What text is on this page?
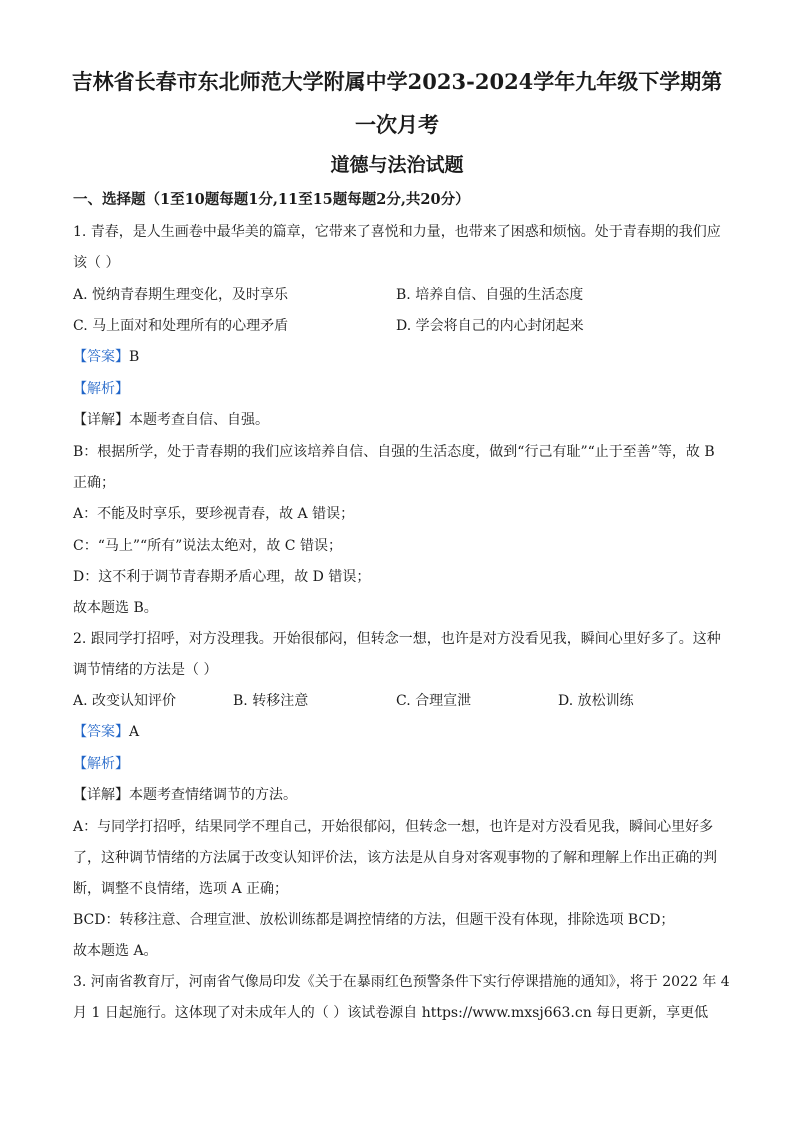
吉林省长春市东北师范大学附属中学2023-2024学年九年级下学期第
一次月考
道德与法治试题
一、选择题（1至10题每题1分,11至15题每题2分,共20分）
1. 青春，是人生画卷中最华美的篇章，它带来了喜悦和力量，也带来了困惑和烦恼。处于青春期的我们应
该（ ）
A. 悦纳青春期生理变化，及时享乐	B. 培养自信、自强的生活态度
C. 马上面对和处理所有的心理矛盾	D. 学会将自己的内心封闭起来
【答案】B
【解析】
【详解】本题考查自信、自强。
B：根据所学，处于青春期的我们应该培养自信、自强的生活态度，做到“行己有耻”“止于至善”等，故 B
正确；
A：不能及时享乐，要珍视青春，故 A 错误；
C：“马上”“所有”说法太绝对，故 C 错误；
D：这不利于调节青春期矛盾心理，故 D 错误；
故本题选 B。
2. 跟同学打招呼，对方没理我。开始很郁闷，但转念一想，也许是对方没看见我，瞬间心里好多了。这种
调节情绪的方法是（ ）
A. 改变认知评价	B. 转移注意	C. 合理宣泄	D. 放松训练
【答案】A
【解析】
【详解】本题考查情绪调节的方法。
A：与同学打招呼，结果同学不理自己，开始很郁闷，但转念一想，也许是对方没看见我，瞬间心里好多
了，这种调节情绪的方法属于改变认知评价法，该方法是从自身对客观事物的了解和理解上作出正确的判
断，调整不良情绪，选项 A 正确；
BCD：转移注意、合理宣泄、放松训练都是调控情绪的方法，但题干没有体现，排除选项 BCD；
故本题选 A。
3. 河南省教育厅，河南省气像局印发《关于在暴雨红色预警条件下实行停课措施的通知》，将于 2022 年 4
月 1 日起施行。这体现了对未成年人的（ ）该试卷源自 https://www.mxsj663.cn 每日更新，享更低
